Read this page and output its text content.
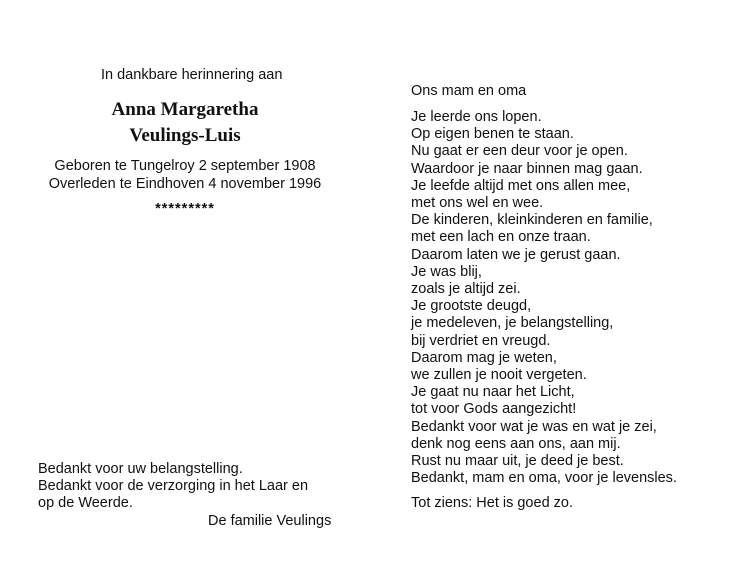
In dankbare herinnering aan
Anna Margaretha
Veulings-Luis
Geboren te Tungelroy 2 september 1908
Overleden te Eindhoven 4 november 1996
*********
Bedankt voor uw belangstelling.
Bedankt voor de verzorging in het Laar en
op de Weerde.
De familie Veulings
Ons mam en oma
Je leerde ons lopen.
Op eigen benen te staan.
Nu gaat er een deur voor je open.
Waardoor je naar binnen mag gaan.
Je leefde altijd met ons allen mee,
met ons wel en wee.
De kinderen, kleinkinderen en familie,
met een lach en onze traan.
Daarom laten we je gerust gaan.
Je was blij,
zoals je altijd zei.
Je grootste deugd,
je medeleven, je belangstelling,
bij verdriet en vreugd.
Daarom mag je weten,
we zullen je nooit vergeten.
Je gaat nu naar het Licht,
tot voor Gods aangezicht!
Bedankt voor wat je was en wat je zei,
denk nog eens aan ons, aan mij.
Rust nu maar uit, je deed je best.
Bedankt, mam en oma, voor je levensles.
Tot ziens: Het is goed zo.
